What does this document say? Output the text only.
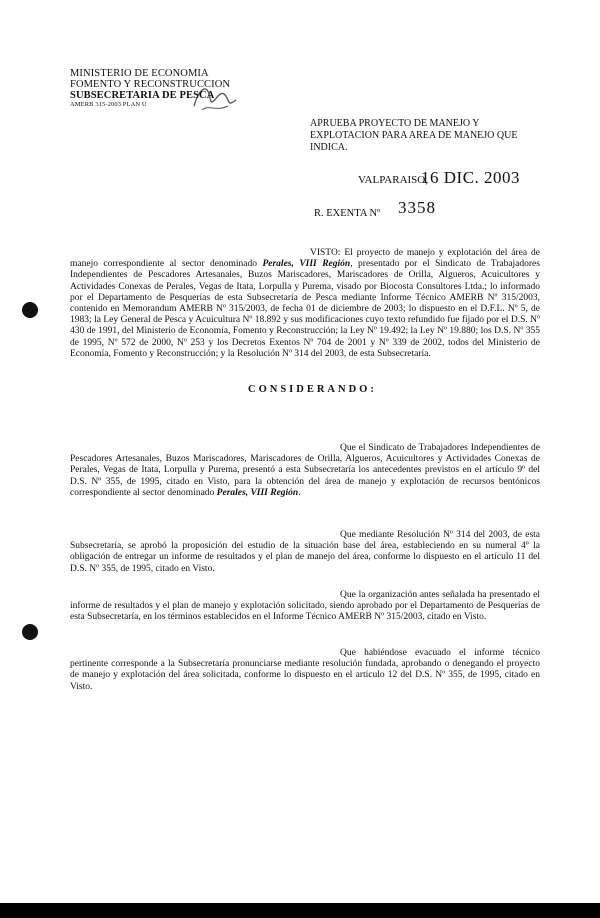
MINISTERIO DE ECONOMIA
FOMENTO Y RECONSTRUCCION
SUBSECRETARIA DE PESCA
AMERB 315-2003 PLAN U
APRUEBA PROYECTO DE MANEJO Y EXPLOTACION PARA AREA DE MANEJO QUE INDICA.
VALPARAISO,
16 DIC. 2003
R. EXENTA Nº 3358
VISTO: El proyecto de manejo y explotación del área de manejo correspondiente al sector denominado Perales, VIII Región, presentado por el Sindicato de Trabajadores Independientes de Pescadores Artesanales, Buzos Mariscadores, Mariscadores de Orilla, Algueros, Acuicultores y Actividades Conexas de Perales, Vegas de Itata, Lorpulla y Purema, visado por Biocosta Consultores Ltda.; lo informado por el Departamento de Pesquerías de esta Subsecretaría de Pesca mediante Informe Técnico AMERB Nº 315/2003, contenido en Memorandum AMERB Nº 315/2003, de fecha 01 de diciembre de 2003; lo dispuesto en el D.F.L. Nº 5, de 1983; la Ley General de Pesca y Acuicultura Nº 18.892 y sus modificaciones cuyo texto refundido fue fijado por el D.S. Nº 430 de 1991, del Ministerio de Economía, Fomento y Reconstrucción; la Ley Nº 19.492; la Ley Nº 19.880; los D.S. Nº 355 de 1995, Nº 572 de 2000, Nº 253 y los Decretos Exentos Nº 704 de 2001 y Nº 339 de 2002, todos del Ministerio de Economía, Fomento y Reconstrucción; y la Resolución Nº 314 del 2003, de esta Subsecretaría.
CONSIDERANDO:
Que el Sindicato de Trabajadores Independientes de Pescadores Artesanales, Buzos Mariscadores, Mariscadores de Orilla, Algueros, Acuicultores y Actividades Conexas de Perales, Vegas de Itata, Lorpulla y Purema, presentó a esta Subsecretaría los antecedentes previstos en el artículo 9º del D.S. Nº 355, de 1995, citado en Visto, para la obtención del área de manejo y explotación de recursos bentónicos correspondiente al sector denominado Perales, VIII Región.
Que mediante Resolución Nº 314 del 2003, de esta Subsecretaría, se aprobó la proposición del estudio de la situación base del área, estableciendo en su numeral 4º la obligación de entregar un informe de resultados y el plan de manejo del área, conforme lo dispuesto en el artículo 11 del D.S. Nº 355, de 1995, citado en Visto.
Que la organización antes señalada ha presentado el informe de resultados y el plan de manejo y explotación solicitado, siendo aprobado por el Departamento de Pesquerías de esta Subsecretaría, en los términos establecidos en el Informe Técnico AMERB Nº 315/2003, citado en Visto.
Que habiéndose evacuado el informe técnico pertinente corresponde a la Subsecretaría pronunciarse mediante resolución fundada, aprobando o denegando el proyecto de manejo y explotación del área solicitada, conforme lo dispuesto en el artículo 12 del D.S. Nº 355, de 1995, citado en Visto.
